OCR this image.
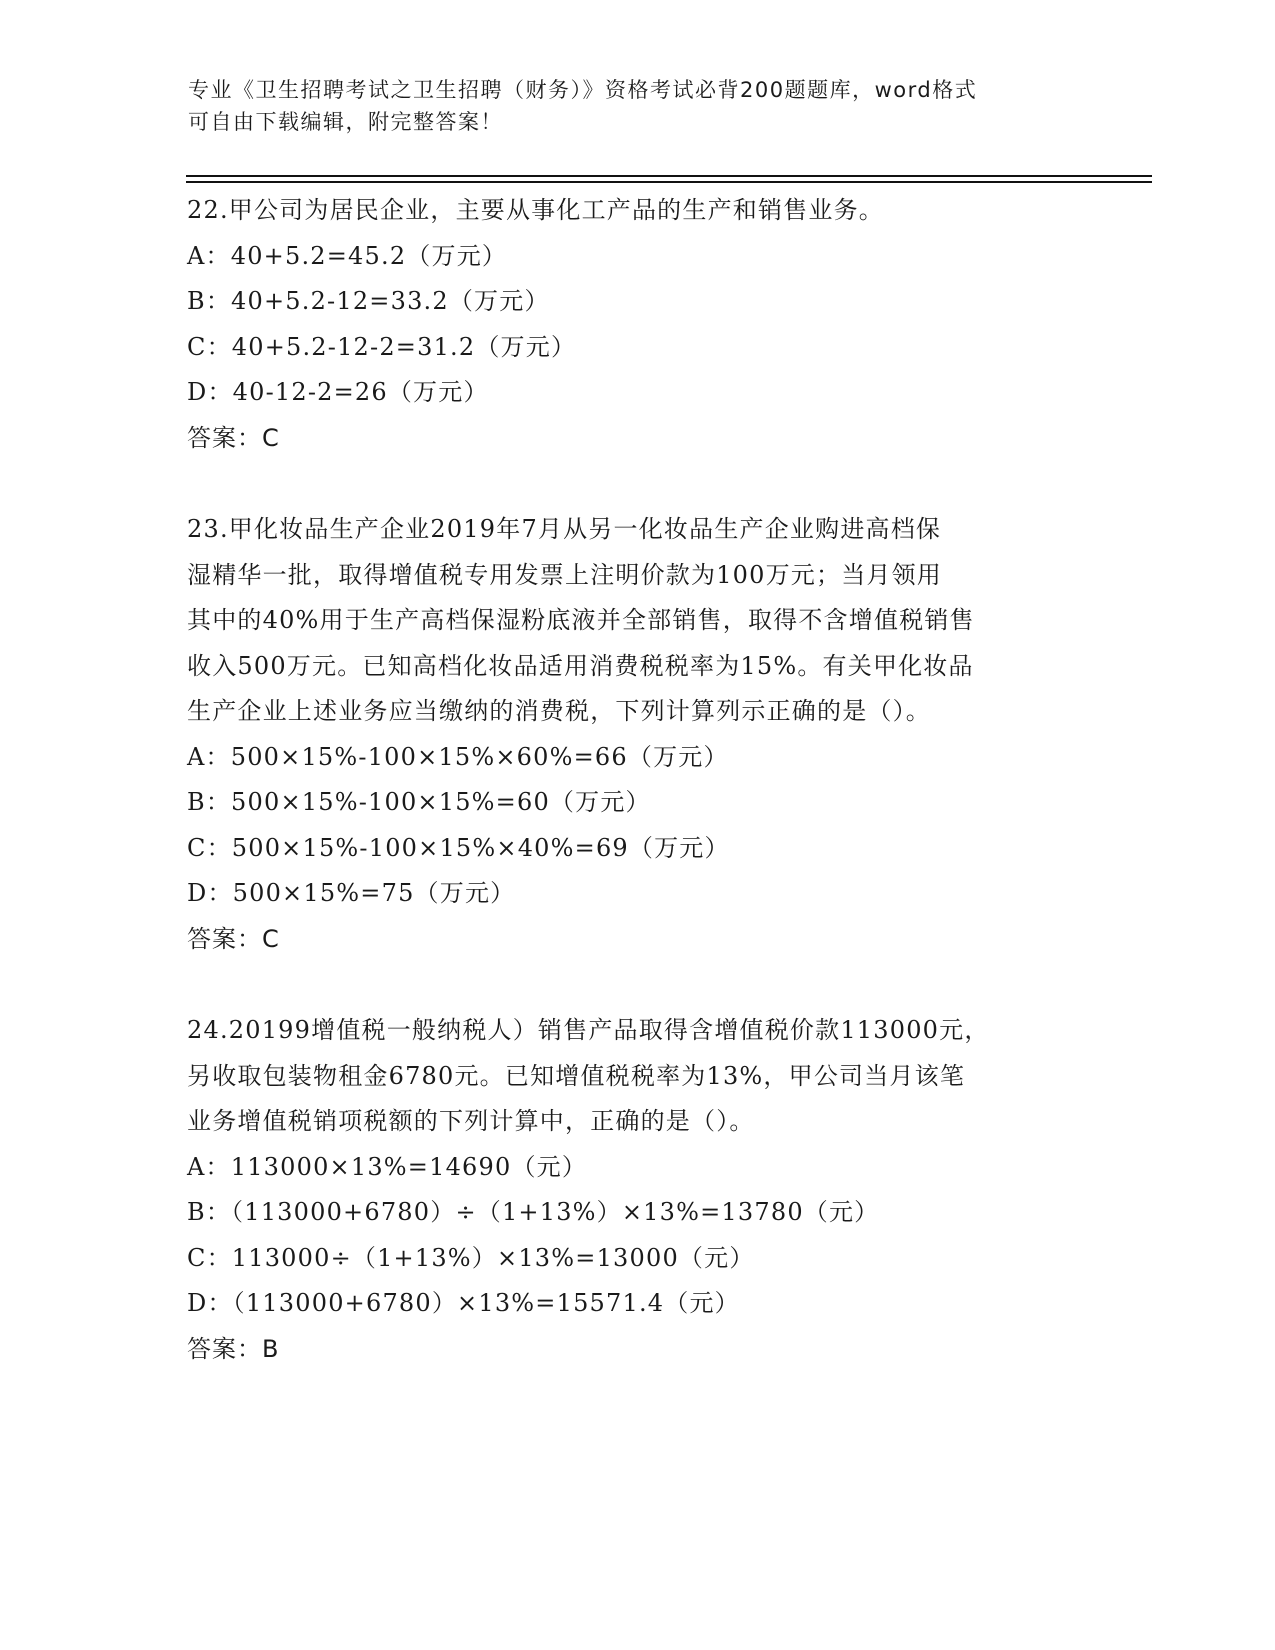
专业《卫生招聘考试之卫生招聘（财务）》资格考试必背200题题库，word格式
可自由下载编辑，附完整答案！
22.甲公司为居民企业，主要从事化工产品的生产和销售业务。
A：40+5.2=45.2（万元）
B：40+5.2-12=33.2（万元）
C：40+5.2-12-2=31.2（万元）
D：40-12-2=26（万元）
答案：C
23.甲化妆品生产企业2019年7月从另一化妆品生产企业购进高档保
湿精华一批，取得增值税专用发票上注明价款为100万元；当月领用
其中的40%用于生产高档保湿粉底液并全部销售，取得不含增值税销售
收入500万元。已知高档化妆品适用消费税税率为15%。有关甲化妆品
生产企业上述业务应当缴纳的消费税，下列计算列示正确的是（）。
A：500×15%-100×15%×60%=66（万元）
B：500×15%-100×15%=60（万元）
C：500×15%-100×15%×40%=69（万元）
D：500×15%=75（万元）
答案：C
24.20199增值税一般纳税人）销售产品取得含增值税价款113000元，
另收取包装物租金6780元。已知增值税税率为13%，甲公司当月该笔
业务增值税销项税额的下列计算中，正确的是（）。
A：113000×13%=14690（元）
B：（113000+6780）÷（1+13%）×13%=13780（元）
C：113000÷（1+13%）×13%=13000（元）
D：（113000+6780）×13%=15571.4（元）
答案：B
